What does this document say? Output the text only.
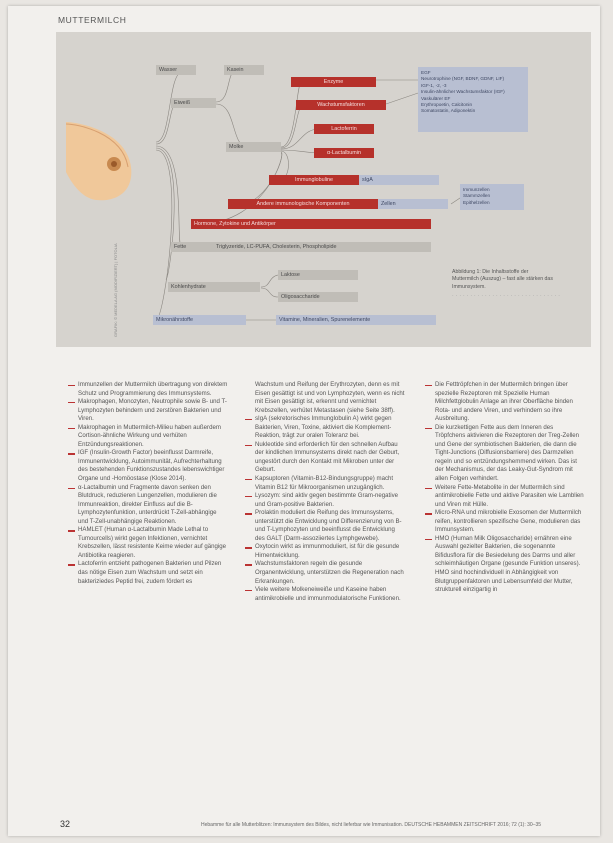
MUTTERMILCH
GRAFIK: © MEDELA AG (MODIFIZIERT) | FOTOLIA
Wasser	Kasein
Eiweiß
Molke
Enzyme
Wachstumsfaktoren
Lactoferrin
α-Lactalbumin
Immunglobuline	sIgA
Andere immunologische Komponenten	Zellen
Hormone, Zytokine und Antikörper
Fette	Triglyzeride, LC-PUFA, Cholesterin, Phospholipide
Kohlenhydrate
Laktose
Oligosaccharide
Mikronährstoffe	Vitamine, Mineralien, Spurenelemente
EGF
Neurotrophine (NGF, BDNF, GDNF, LIF)
IGF-1, -2, -3
Insulin-ähnlicher Wachstumsfaktor (IGF)
Vaskulärer EF
Erythropoetin, Calcitonin
Somatostatin, Adiponektin
Immunzellen
Stammzellen
Epithelzellen
Abbildung 1: Die Inhaltsstoffe der Muttermilch (Auszug) – fast alle stärken das Immunsystem.
······························
Immunzellen der Muttermilch übertragung von direktem Schutz und Programmierung des Immunsystems.
Makrophagen, Monozyten, Neutrophile sowie B- und T-Lymphozyten behindern und zerstören Bakterien und Viren.
Makrophagen in Muttermilch-Milieu haben außerdem Cortison-ähnliche Wirkung und verhüten Entzündungsreaktionen.
IGF (Insulin-Growth Factor) beeinflusst Darmreife, Immunentwicklung, Autoimmunität, Aufrechterhaltung des bestehenden Funktionszustandes lebenswichtiger Organe und -Homöostase (Klose 2014).
α-Lactalbumin und Fragmente davon senken den Blutdruck, reduzieren Lungenzellen, modulieren die Immunreaktion, direkter Einfluss auf die B-Lymphozytenfunktion, unterdrückt T-Zell-abhängige und T-Zell-unabhängige Reaktionen.
HAMLET (Human α-Lactalbumin Made Lethal to Tumourcells) wirkt gegen Infektionen, vernichtet Krebszellen, lässt resistente Keime wieder auf gängige Antibiotika reagieren.
Lactoferrin entzieht pathogenen Bakterien und Pilzen das nötige Eisen zum Wachstum und setzt ein bakteriziedes Peptid frei, zudem fördert es
Wachstum und Reifung der Erythrozyten, denn es mit Eisen gesättigt ist und von Lymphozyten, wenn es nicht mit Eisen gesättigt ist, erkennt und vernichtet Krebszellen, verhütet Metastasen (siehe Seite 38ff).
sIgA (sekretorisches Immunglobulin A) wirkt gegen Bakterien, Viren, Toxine, aktiviert die Komplement-Reaktion, trägt zur oralen Toleranz bei.
Nukleotide sind erforderlich für den schnellen Aufbau der kindlichen Immunsystems direkt nach der Geburt, ungestört durch den Kontakt mit Mikroben unter der Geburt.
Kapsuptoren (Vitamin-B12-Bindungsgruppe) macht Vitamin B12 für Mikroorganismen unzugänglich.
Lysozym: sind aktiv gegen bestimmte Gram-negative und Gram-positive Bakterien.
Prolaktin moduliert die Reifung des Immunsystems, unterstützt die Entwicklung und Differenzierung von B- und T-Lymphozyten und beeinflusst die Entwicklung des GALT (Darm-assoziiertes Lymphgewebe).
Oxytocin wirkt as immunmoduliert, ist für die gesunde Hirnentwicklung.
Wachstumsfaktoren regeln die gesunde Organentwicklung, unterstützen die Regeneration nach Erkrankungen.
Viele weitere Molkeneiweiße und Kaseine haben antimikrobielle und immunmodulatorische Funktionen.
Die Fetttröpfchen in der Muttermilch bringen über spezielle Rezeptoren mit Spezielle Human Milchfettglobulin Anlage an ihrer Oberfläche binden Rota- und andere Viren, und verhindern so ihre Ausbreitung.
Die kurzkettigen Fette aus dem Inneren des Tröpfchens aktivieren die Rezeptoren der Treg-Zellen und Gene der symbiotischen Bakterien, die dann die Tight-Junctions (Diffusionsbarriere) des Darmzellen regeln und so entzündungshemmend wirken. Das ist der Mechanismus, der das Leaky-Gut-Syndrom mit allen Folgen verhindert.
Weitere Fette-Metabolite in der Muttermilch sind antimikrobielle Fette und aktive Parasiten wie Lamblien und Viren mit Hülle.
Micro-RNA und mikrobielle Exosomen der Muttermilch reifen, kontrollieren spezifische Gene, modulieren das Immunsystem.
HMO (Human Milk Oligosaccharide) ernähren eine Auswahl gezielter Bakterien, die sogenannte Bifidusflora für die Besiedelung des Darms und aller schleimhäutigen Organe (gesunde Funktion unseres). HMO sind hochindividuell in Abhängigkeit von Blutgruppenfaktoren und Lebensumfeld der Mutter, strukturell einzigartig in
32	Hebamme für alle Mutterblitzen: Immunsystem des Bildes, nicht lieferbar wie Immunisation. DEUTSCHE HEBAMMEN ZEITSCHRIFT 2016; 72 (1): 30–35
